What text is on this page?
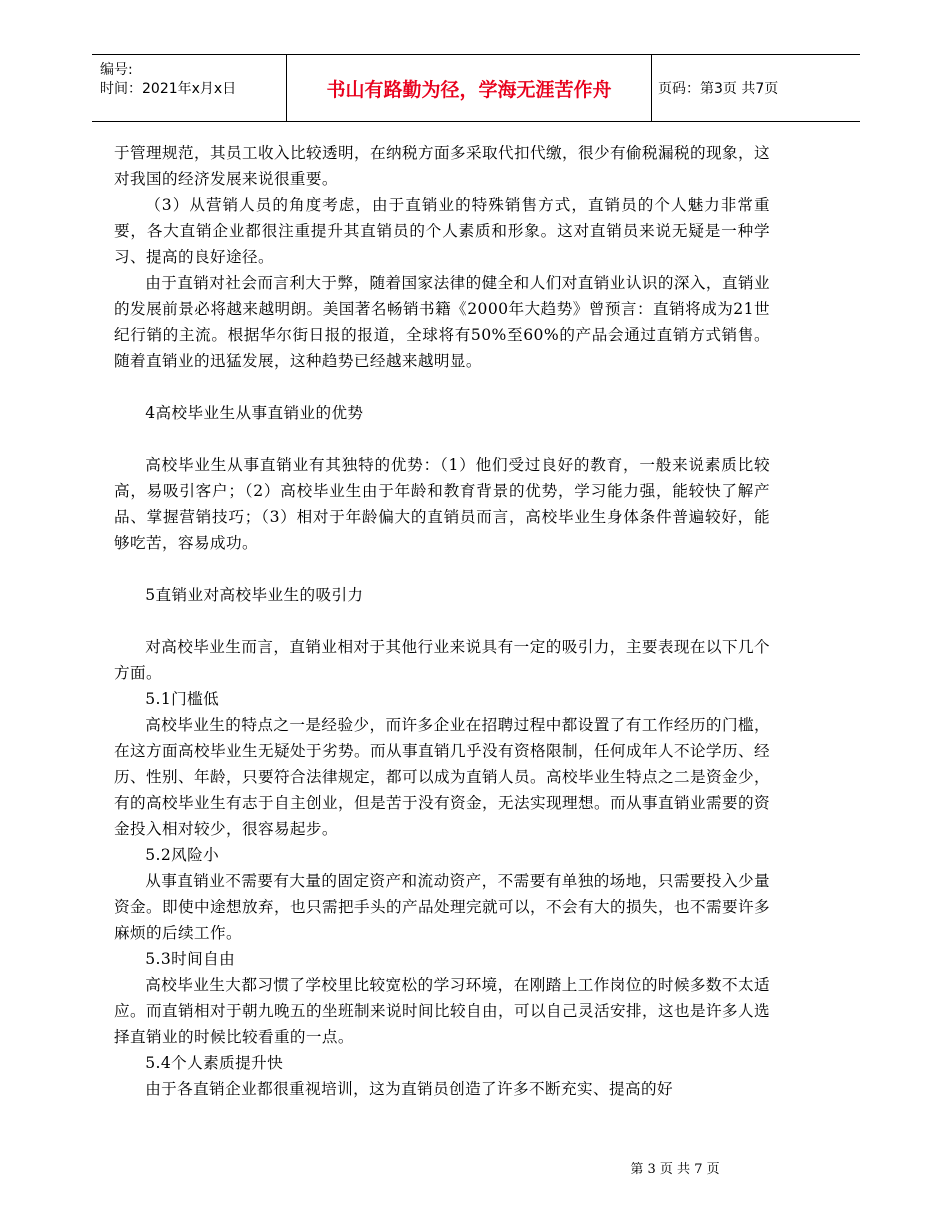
编号:
时间：2021年x月x日	书山有路勤为径，学海无涯苦作舟	页码：第3页 共7页

于管理规范，其员工收入比较透明，在纳税方面多采取代扣代缴，很少有偷税漏税的现象，这对我国的经济发展来说很重要。

（3）从营销人员的角度考虑，由于直销业的特殊销售方式，直销员的个人魅力非常重要，各大直销企业都很注重提升其直销员的个人素质和形象。这对直销员来说无疑是一种学习、提高的良好途径。

由于直销对社会而言利大于弊，随着国家法律的健全和人们对直销业认识的深入，直销业的发展前景必将越来越明朗。美国著名畅销书籍《2000年大趋势》曾预言：直销将成为21世纪行销的主流。根据华尔街日报的报道，全球将有50%至60%的产品会通过直销方式销售。随着直销业的迅猛发展，这种趋势已经越来越明显。

4高校毕业生从事直销业的优势

高校毕业生从事直销业有其独特的优势：（1）他们受过良好的教育，一般来说素质比较高，易吸引客户；（2）高校毕业生由于年龄和教育背景的优势，学习能力强，能较快了解产品、掌握营销技巧；（3）相对于年龄偏大的直销员而言，高校毕业生身体条件普遍较好，能够吃苦，容易成功。

5直销业对高校毕业生的吸引力

对高校毕业生而言，直销业相对于其他行业来说具有一定的吸引力，主要表现在以下几个方面。

5.1门槛低

高校毕业生的特点之一是经验少，而许多企业在招聘过程中都设置了有工作经历的门槛，在这方面高校毕业生无疑处于劣势。而从事直销几乎没有资格限制，任何成年人不论学历、经历、性别、年龄，只要符合法律规定，都可以成为直销人员。高校毕业生特点之二是资金少，有的高校毕业生有志于自主创业，但是苦于没有资金，无法实现理想。而从事直销业需要的资金投入相对较少，很容易起步。

5.2风险小

从事直销业不需要有大量的固定资产和流动资产，不需要有单独的场地，只需要投入少量资金。即使中途想放弃，也只需把手头的产品处理完就可以，不会有大的损失，也不需要许多麻烦的后续工作。

5.3时间自由

高校毕业生大都习惯了学校里比较宽松的学习环境，在刚踏上工作岗位的时候多数不太适应。而直销相对于朝九晚五的坐班制来说时间比较自由，可以自己灵活安排，这也是许多人选择直销业的时候比较看重的一点。

5.4个人素质提升快

由于各直销企业都很重视培训，这为直销员创造了许多不断充实、提高的好

第 3 页 共 7 页
